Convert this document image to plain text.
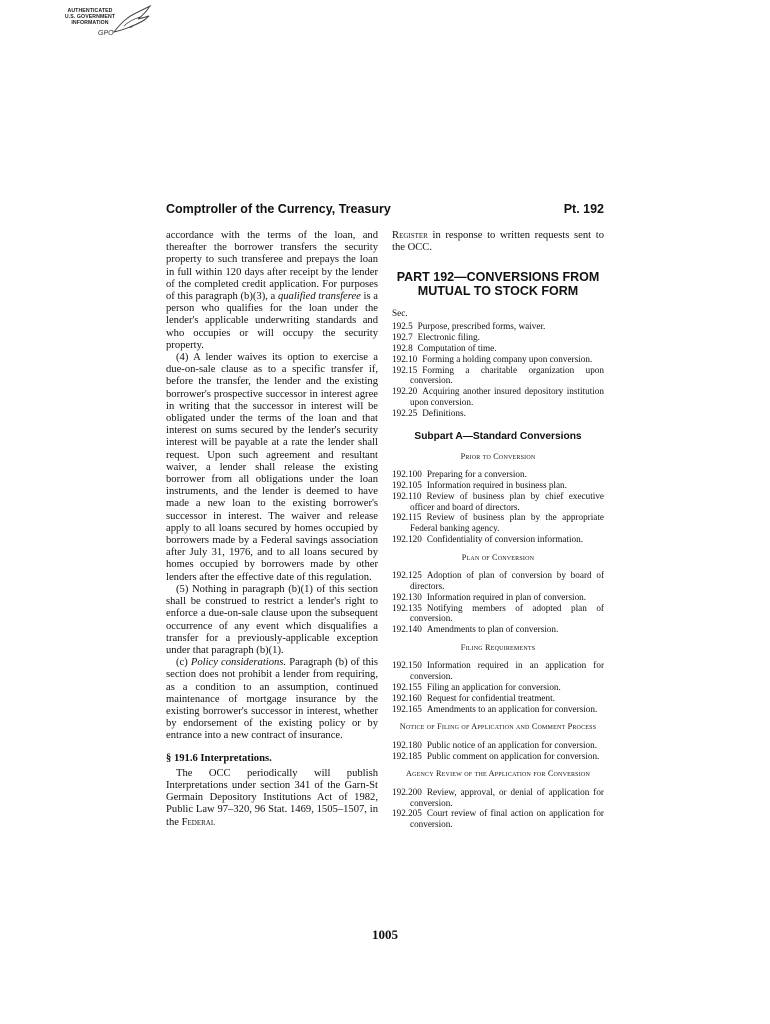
AUTHENTICATED
U.S. GOVERNMENT
INFORMATION
GPO
Comptroller of the Currency, Treasury	Pt. 192

accordance with the terms of the loan, and thereafter the borrower transfers the security property to such transferee and prepays the loan in full within 120 days after receipt by the lender of the completed credit application. For purposes of this paragraph (b)(3), a qualified transferee is a person who qualifies for the loan under the lender's applicable underwriting standards and who occupies or will occupy the security property.

(4) A lender waives its option to exercise a due-on-sale clause as to a specific transfer if, before the transfer, the lender and the existing borrower's prospective successor in interest agree in writing that the successor in interest will be obligated under the terms of the loan and that interest on sums secured by the lender's security interest will be payable at a rate the lender shall request. Upon such agreement and resultant waiver, a lender shall release the existing borrower from all obligations under the loan instruments, and the lender is deemed to have made a new loan to the existing borrower's successor in interest. The waiver and release apply to all loans secured by homes occupied by borrowers made by a Federal savings association after July 31, 1976, and to all loans secured by homes occupied by borrowers made by other lenders after the effective date of this regulation.

(5) Nothing in paragraph (b)(1) of this section shall be construed to restrict a lender's right to enforce a due-on-sale clause upon the subsequent occurrence of any event which disqualifies a transfer for a previously-applicable exception under that paragraph (b)(1).

(c) Policy considerations. Paragraph (b) of this section does not prohibit a lender from requiring, as a condition to an assumption, continued maintenance of mortgage insurance by the existing borrower's successor in interest, whether by endorsement of the existing policy or by entrance into a new contract of insurance.

§ 191.6 Interpretations.

The OCC periodically will publish Interpretations under section 341 of the Garn-St Germain Depository Institutions Act of 1982, Public Law 97–320, 96 Stat. 1469, 1505–1507, in the Federal

Register in response to written requests sent to the OCC.

PART 192—CONVERSIONS FROM
MUTUAL TO STOCK FORM
Sec.

192.5 Purpose, prescribed forms, waiver.

192.7 Electronic filing.

192.8 Computation of time.

192.10 Forming a holding company upon conversion.

192.15 Forming a charitable organization upon conversion.

192.20 Acquiring another insured depository institution upon conversion.

192.25 Definitions.

Subpart A—Standard Conversions
Prior to Conversion

192.100 Preparing for a conversion.

192.105 Information required in business plan.

192.110 Review of business plan by chief executive officer and board of directors.

192.115 Review of business plan by the appropriate Federal banking agency.

192.120 Confidentiality of conversion information.

Plan of Conversion

192.125 Adoption of plan of conversion by board of directors.

192.130 Information required in plan of conversion.

192.135 Notifying members of adopted plan of conversion.

192.140 Amendments to plan of conversion.

Filing Requirements

192.150 Information required in an application for conversion.

192.155 Filing an application for conversion.

192.160 Request for confidential treatment.

192.165 Amendments to an application for conversion.

Notice of Filing of Application and Comment Process

192.180 Public notice of an application for conversion.

192.185 Public comment on application for conversion.

Agency Review of the Application for Conversion

192.200 Review, approval, or denial of application for conversion.

192.205 Court review of final action on application for conversion.

1005
